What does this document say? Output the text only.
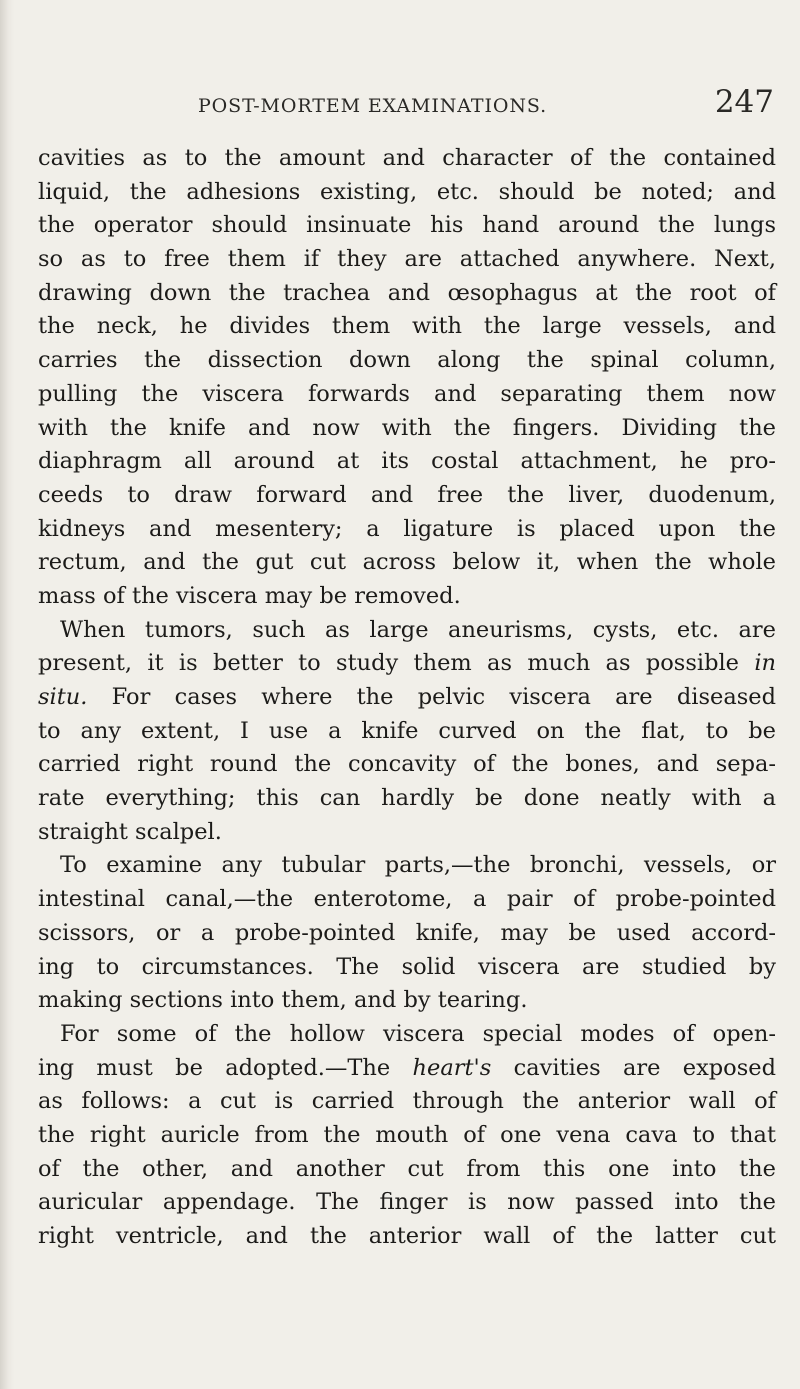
POST-MORTEM EXAMINATIONS.	247
cavities as to the amount and character of the contained
liquid, the adhesions existing, etc. should be noted; and
the operator should insinuate his hand around the lungs
so as to free them if they are attached anywhere. Next,
drawing down the trachea and œsophagus at the root of
the neck, he divides them with the large vessels, and
carries the dissection down along the spinal column,
pulling the viscera forwards and separating them now
with the knife and now with the fingers. Dividing the
diaphragm all around at its costal attachment, he pro-
ceeds to draw forward and free the liver, duodenum,
kidneys and mesentery; a ligature is placed upon the
rectum, and the gut cut across below it, when the whole
mass of the viscera may be removed.
When tumors, such as large aneurisms, cysts, etc. are
present, it is better to study them as much as possible in
situ. For cases where the pelvic viscera are diseased
to any extent, I use a knife curved on the flat, to be
carried right round the concavity of the bones, and sepa-
rate everything; this can hardly be done neatly with a
straight scalpel.
To examine any tubular parts,—the bronchi, vessels, or
intestinal canal,—the enterotome, a pair of probe-pointed
scissors, or a probe-pointed knife, may be used accord-
ing to circumstances. The solid viscera are studied by
making sections into them, and by tearing.
For some of the hollow viscera special modes of open-
ing must be adopted.—The heart's cavities are exposed
as follows: a cut is carried through the anterior wall of
the right auricle from the mouth of one vena cava to that
of the other, and another cut from this one into the
auricular appendage. The finger is now passed into the
right ventricle, and the anterior wall of the latter cut
